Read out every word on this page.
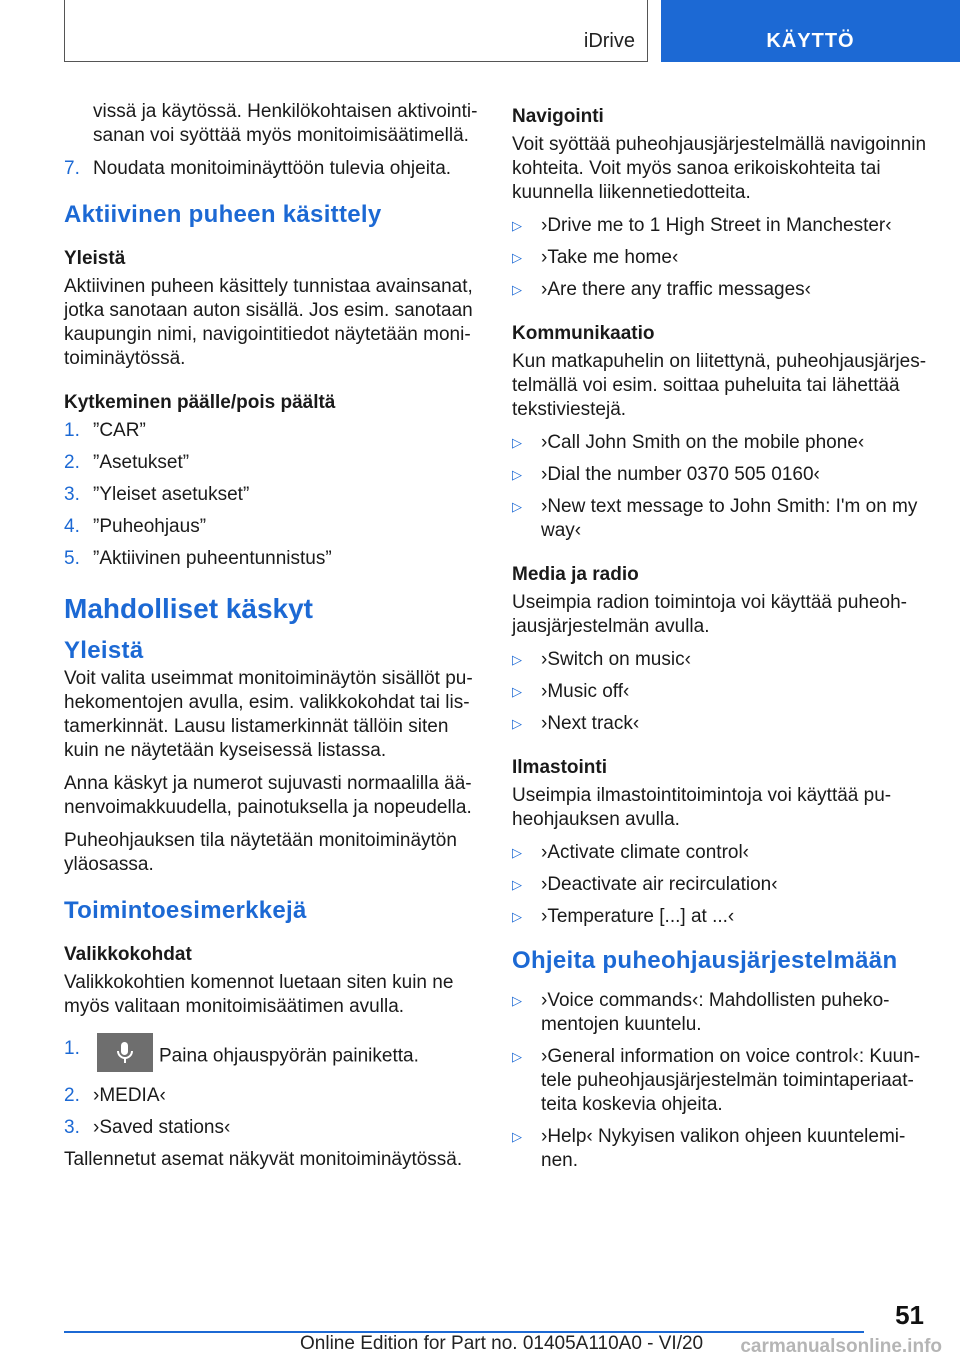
iDrive	KÄYTTÖ

vissä ja käytössä. Henkilökohtaisen aktivointi‐sanan voi syöttää myös monitoimisäätimellä.

7. Noudata monitoiminäyttöön tulevia ohjeita.
Aktiivinen puheen käsittely
Yleistä

Aktiivinen puheen käsittely tunnistaa avainsanat, jotka sanotaan auton sisällä. Jos esim. sanotaan kaupungin nimi, navigointitiedot näytetään moni‐toiminäytössä.

Kytkeminen päälle/pois päältä
1. ”CAR”
2. ”Asetukset”
3. ”Yleiset asetukset”
4. ”Puheohjaus”
5. ”Aktiivinen puheentunnistus”
Mahdolliset käskyt
Yleistä

Voit valita useimmat monitoiminäytön sisällöt pu‐hekomentojen avulla, esim. valikkokohdat tai lis‐tamerkinnät. Lausu listamerkinnät tällöin siten kuin ne näytetään kyseisessä listassa.

Anna käskyt ja numerot sujuvasti normaalilla ää‐nenvoimakkuudella, painotuksella ja nopeudella.

Puheohjauksen tila näytetään monitoiminäytön yläosassa.

Toimintoesimerkkejä
Valikkokohdat

Valikkokohtien komennot luetaan siten kuin ne myös valitaan monitoimisäätimen avulla.

1.	Paina ohjauspyörän painiketta.
2. ›MEDIA‹
3. ›Saved stations‹

Tallennetut asemat näkyvät monitoiminäytössä.

Navigointi

Voit syöttää puheohjausjärjestelmällä navigoinnin kohteita. Voit myös sanoa erikoiskohteita tai kuunnella liikennetiedotteita.

▷	›Drive me to 1 High Street in Manchester‹
▷	›Take me home‹
▷	›Are there any traffic messages‹
Kommunikaatio

Kun matkapuhelin on liitettynä, puheohjausjärjes‐telmällä voi esim. soittaa puheluita tai lähettää tekstiviestejä.

▷	›Call John Smith on the mobile phone‹
▷	›Dial the number 0370 505 0160‹
▷	›New text message to John Smith: I'm on my way‹
Media ja radio

Useimpia radion toimintoja voi käyttää puheoh‐jausjärjestelmän avulla.

▷	›Switch on music‹
▷	›Music off‹
▷	›Next track‹
Ilmastointi

Useimpia ilmastointitoimintoja voi käyttää pu‐heohjauksen avulla.

▷	›Activate climate control‹
▷	›Deactivate air recirculation‹
▷	›Temperature [...] at ...‹
Ohjeita puheohjausjärjestelmään
▷	›Voice commands‹: Mahdollisten puheko‐mentojen kuuntelu.
▷	›General information on voice control‹: Kuun‐tele puheohjausjärjestelmän toimintaperiaat‐teita koskevia ohjeita.
▷	›Help‹ Nykyisen valikon ohjeen kuuntelemi‐nen.
51
Online Edition for Part no. 01405A110A0 - VI/20 carmanualsonline.info
